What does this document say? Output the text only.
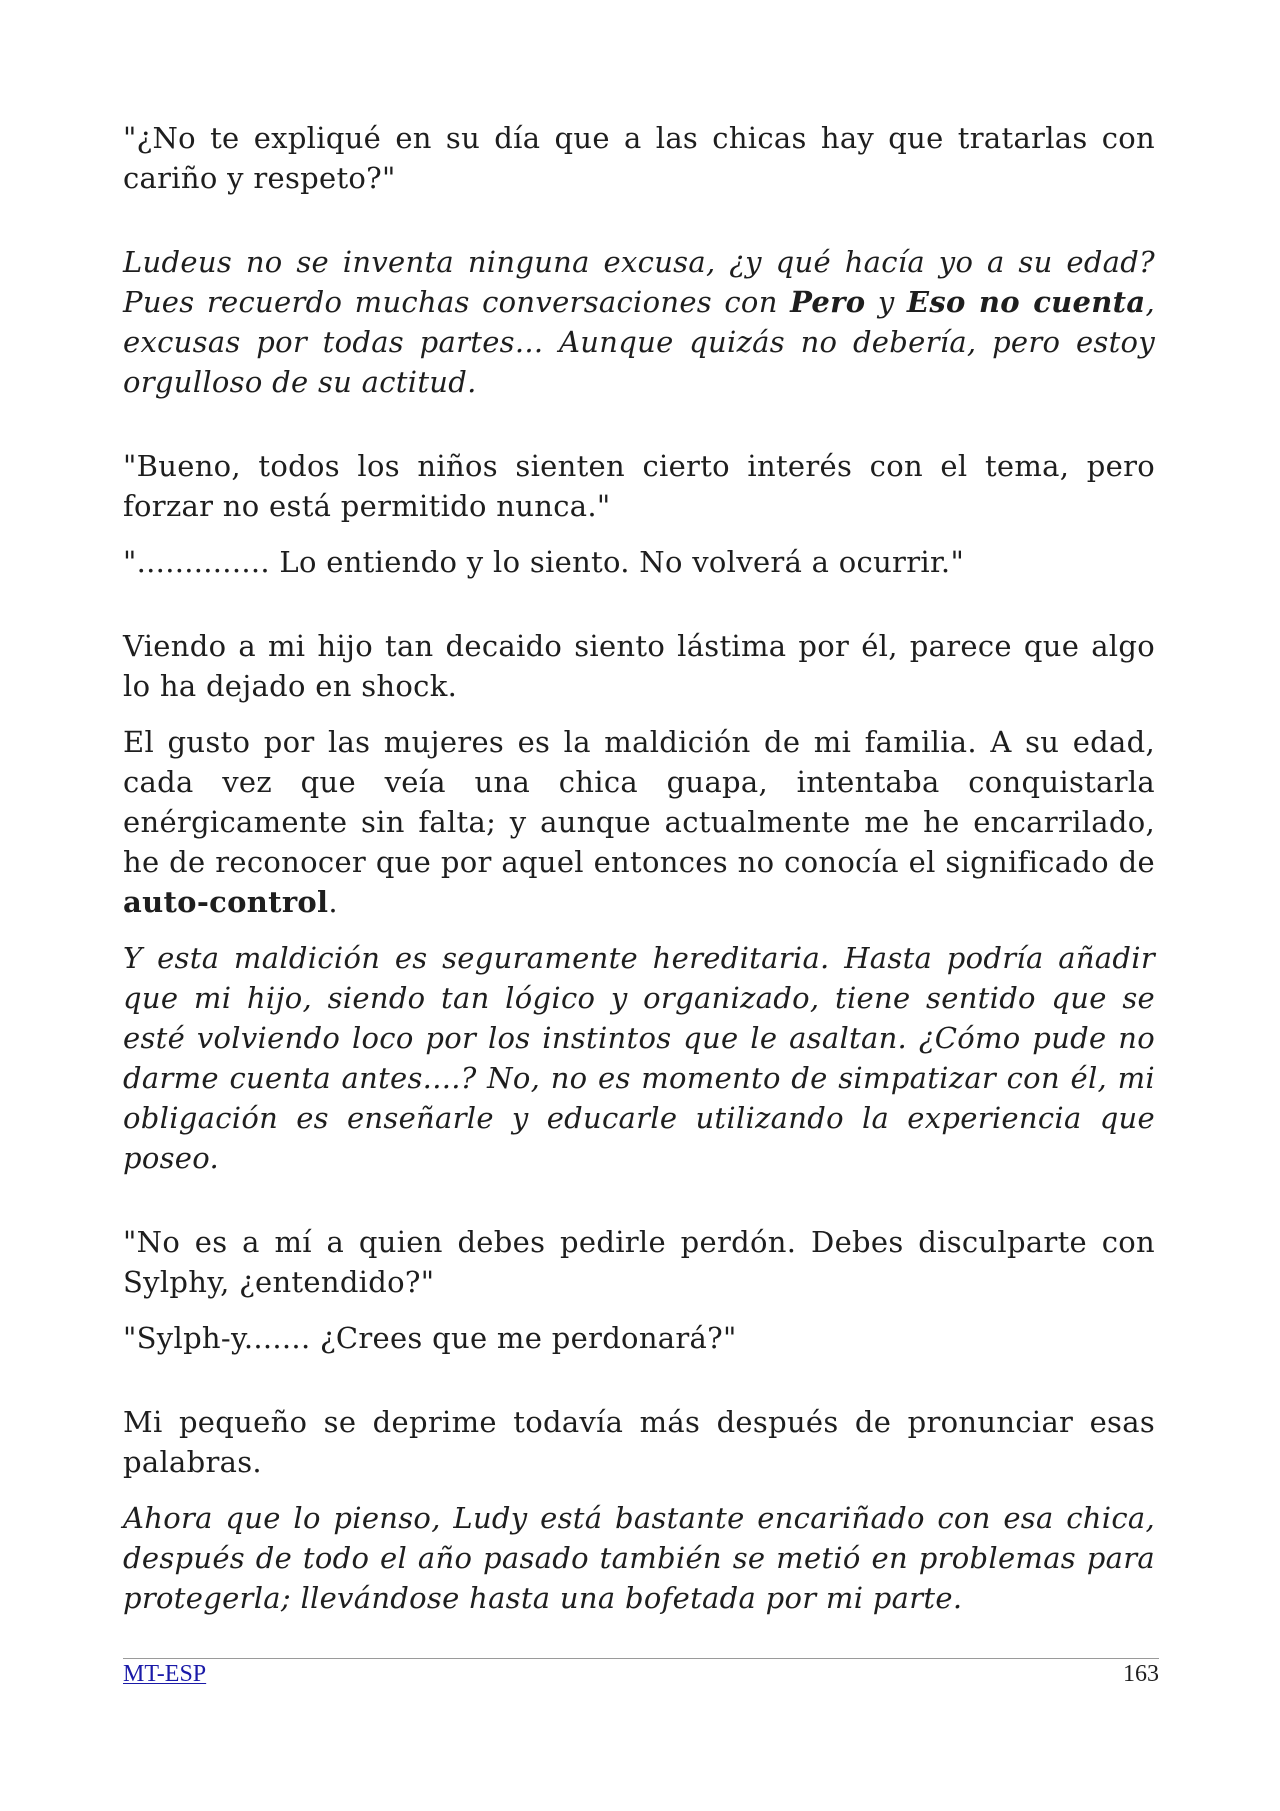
"¿No te expliqué en su día que a las chicas hay que tratarlas con cariño y respeto?"

Ludeus no se inventa ninguna excusa, ¿y qué hacía yo a su edad? Pues recuerdo muchas conversaciones con Pero y Eso no cuenta, excusas por todas partes... Aunque quizás no debería, pero estoy orgulloso de su actitud.

"Bueno, todos los niños sienten cierto interés con el tema, pero forzar no está permitido nunca."

".............. Lo entiendo y lo siento. No volverá a ocurrir."

Viendo a mi hijo tan decaido siento lástima por él, parece que algo lo ha dejado en shock.

El gusto por las mujeres es la maldición de mi familia. A su edad, cada vez que veía una chica guapa, intentaba conquistarla enérgicamente sin falta; y aunque actualmente me he encarrilado, he de reconocer que por aquel entonces no conocía el significado de auto-control.

Y esta maldición es seguramente hereditaria. Hasta podría añadir que mi hijo, siendo tan lógico y organizado, tiene sentido que se esté volviendo loco por los instintos que le asaltan. ¿Cómo pude no darme cuenta antes....? No, no es momento de simpatizar con él, mi obligación es enseñarle y educarle utilizando la experiencia que poseo.

"No es a mí a quien debes pedirle perdón. Debes disculparte con Sylphy, ¿entendido?"

"Sylph-y....... ¿Crees que me perdonará?"

Mi pequeño se deprime todavía más después de pronunciar esas palabras.

Ahora que lo pienso, Ludy está bastante encariñado con esa chica, después de todo el año pasado también se metió en problemas para protegerla; llevándose hasta una bofetada por mi parte.

MT-ESP	163
